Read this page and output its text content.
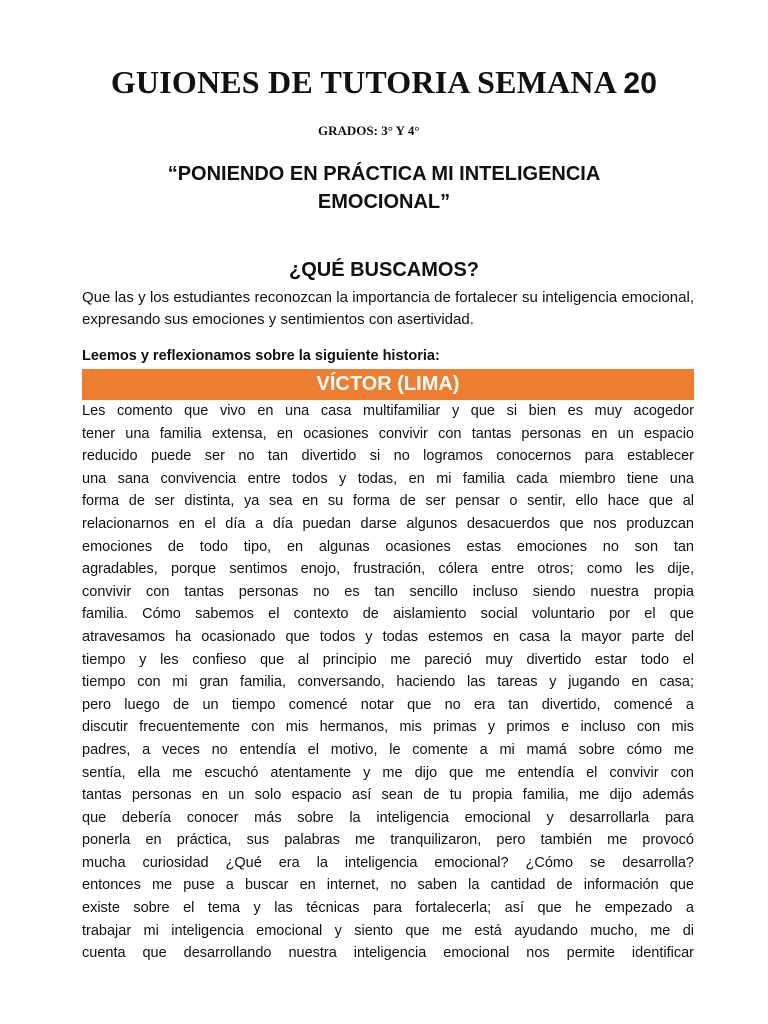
GUIONES DE TUTORIA SEMANA 20
GRADOS: 3° Y 4°
“PONIENDO EN PRÁCTICA MI INTELIGENCIA EMOCIONAL”
¿QUÉ BUSCAMOS?
Que las y los estudiantes reconozcan la importancia de fortalecer su inteligencia emocional, expresando sus emociones y sentimientos con asertividad.
Leemos y reflexionamos sobre la siguiente historia:
VÍCTOR (LIMA)
Les comento que vivo en una casa multifamiliar y que si bien es muy acogedor
tener una familia extensa, en ocasiones convivir con tantas personas en un espacio
reducido puede ser no tan divertido si no logramos conocernos para establecer
una sana convivencia entre todos y todas, en mi familia cada miembro tiene una
forma de ser distinta, ya sea en su forma de ser pensar o sentir, ello hace que al
relacionarnos en el día a día puedan darse algunos desacuerdos que nos produzcan
emociones de todo tipo, en algunas ocasiones estas emociones no son tan
agradables, porque sentimos enojo, frustración, cólera entre otros; como les dije,
convivir con tantas personas no es tan sencillo incluso siendo nuestra propia
familia. Cómo sabemos el contexto de aislamiento social voluntario por el que
atravesamos ha ocasionado que todos y todas estemos en casa la mayor parte del
tiempo y les confieso que al principio me pareció muy divertido estar todo el
tiempo con mi gran familia, conversando, haciendo las tareas y jugando en casa;
pero luego de un tiempo comencé notar que no era tan divertido, comencé a
discutir frecuentemente con mis hermanos, mis primas y primos e incluso con mis
padres, a veces no entendía el motivo, le comente a mi mamá sobre cómo me
sentía, ella me escuchó atentamente y me dijo que me entendía el convivir con
tantas personas en un solo espacio así sean de tu propia familia, me dijo además
que debería conocer más sobre la inteligencia emocional y desarrollarla para
ponerla en práctica, sus palabras me tranquilizaron, pero también me provocó
mucha curiosidad ¿Qué era la inteligencia emocional? ¿Cómo se desarrolla?
entonces me puse a buscar en internet, no saben la cantidad de información que
existe sobre el tema y las técnicas para fortalecerla; así que he empezado a
trabajar mi inteligencia emocional y siento que me está ayudando mucho, me di
cuenta que desarrollando nuestra inteligencia emocional nos permite identificar
